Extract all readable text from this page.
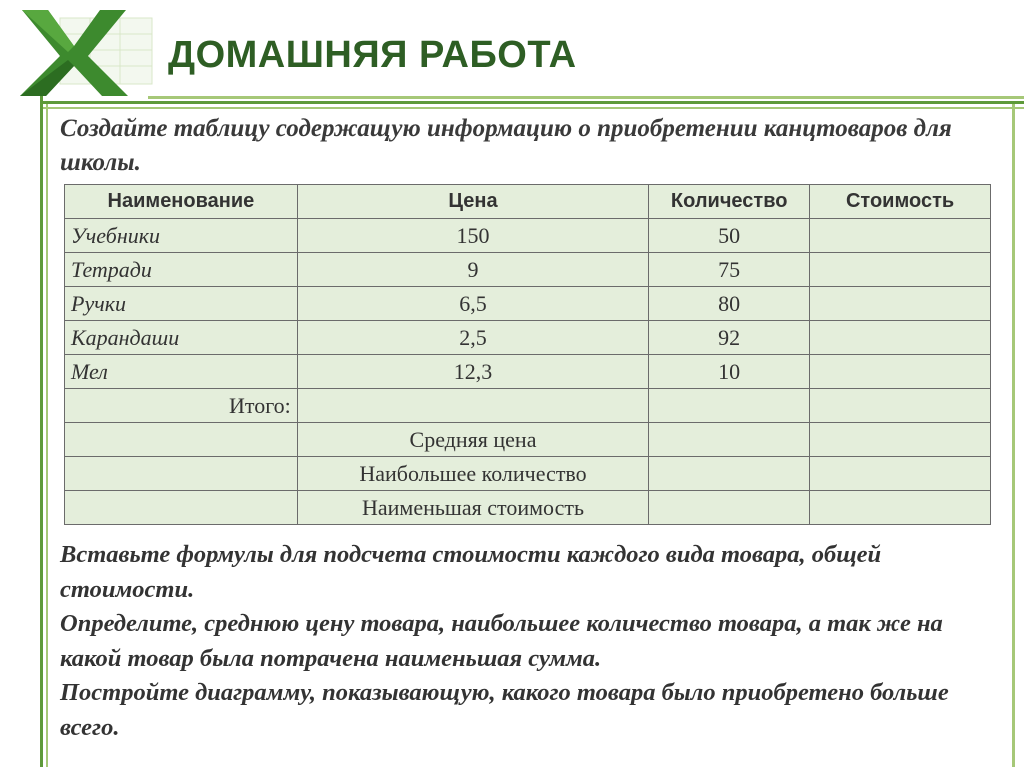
ДОМАШНЯЯ РАБОТА
Создайте таблицу содержащую информацию о приобретении канцтоваров для школы.
Наименование	Цена	Количество	Стоимость
Учебники	150	50	
Тетради	9	75	
Ручки	6,5	80	
Карандаши	2,5	92	
Мел	12,3	10	
Итого:			
	Средняя цена		
	Наибольшее количество		
	Наименьшая стоимость		

Вставьте формулы для подсчета стоимости каждого вида товара, общей стоимости.

Определите, среднюю цену товара, наибольшее количество товара, а так же на какой товар была потрачена наименьшая сумма.

Постройте диаграмму, показывающую, какого товара было приобретено больше всего.
